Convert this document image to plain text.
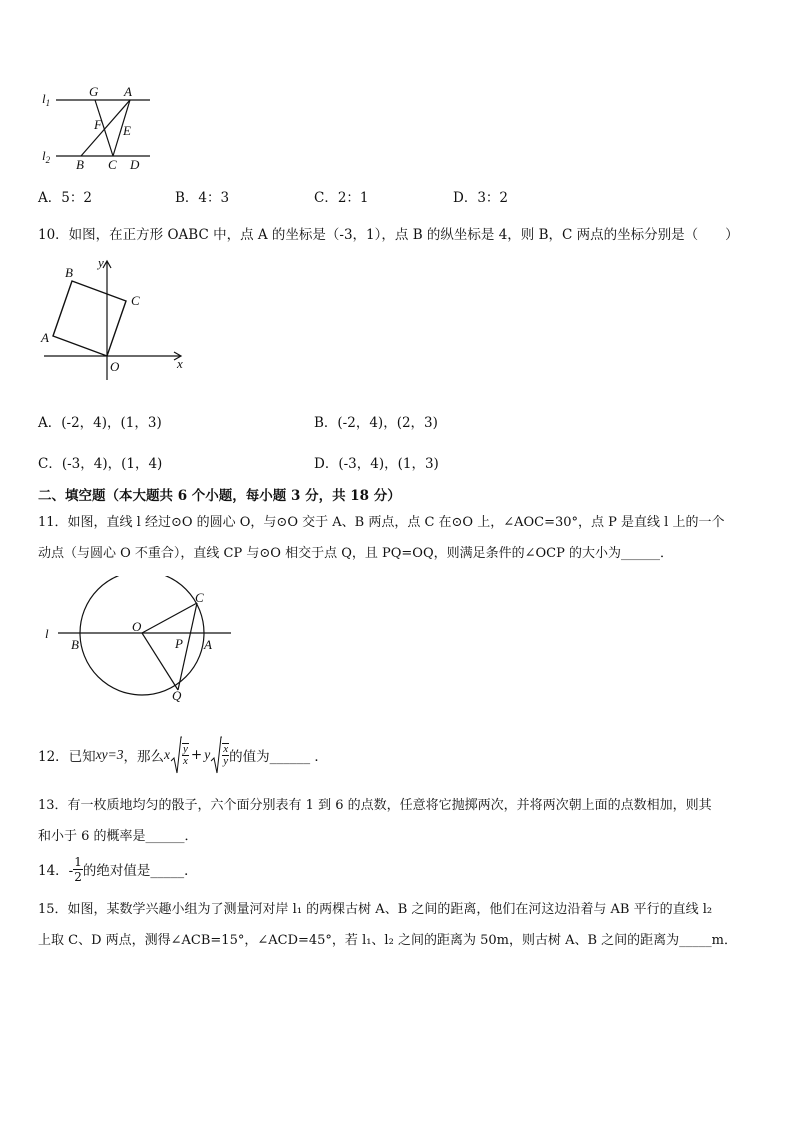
$l_1$
$l_2$
G A
F E
B C D
A．5：2	B．4：3	C．2：1	D．3：2
10．如图，在正方形 OABC 中，点 A 的坐标是（-3，1），点 B 的纵坐标是 4，则 B，C 两点的坐标分别是（　　）
y
x
B
C
A
O
A．(-2，4)，(1，3)	B．(-2，4)，(2，3)
C．(-3，4)，(1，4)	D．(-3，4)，(1，3)
二、填空题（本大题共 6 个小题，每小题 3 分，共 18 分）
11．如图，直线 l 经过⊙O 的圆心 O，与⊙O 交于 A、B 两点，点 C 在⊙O 上，∠AOC=30°，点 P 是直线 l 上的一个
动点（与圆心 O 不重合），直线 CP 与⊙O 相交于点 Q，且 PQ=OQ，则满足条件的∠OCP 的大小为______．
l
B
O
C
P A
Q
12．已知 xy=3 ，那么 x $\frac{y}{x} + y \frac{x}{y}$ 的值为______ ．
13．有一枚质地均匀的骰子，六个面分别表有 1 到 6 的点数，任意将它抛掷两次，并将两次朝上面的点数相加，则其
和小于 6 的概率是______．
14．- $\frac{1}{2}$ 的绝对值是_____．
15．如图，某数学兴趣小组为了测量河对岸 l₁ 的两棵古树 A、B 之间的距离，他们在河这边沿着与 AB 平行的直线 l₂
上取 C、D 两点，测得∠ACB=15°，∠ACD=45°，若 l₁、l₂ 之间的距离为 50m，则古树 A、B 之间的距离为_____m．
